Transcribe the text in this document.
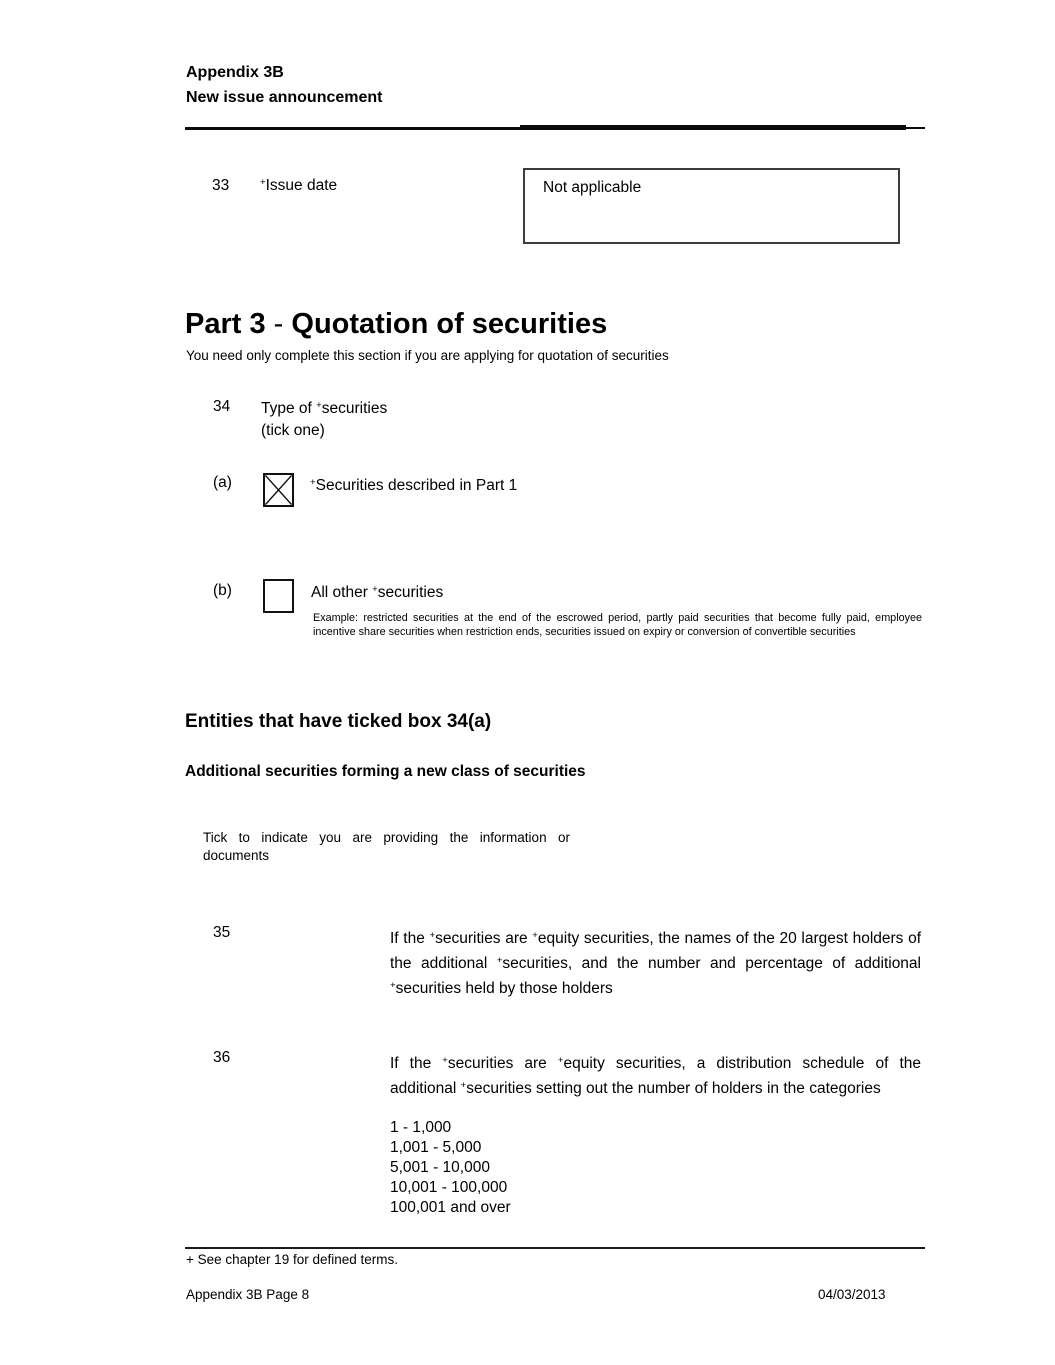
Appendix 3B
New issue announcement
33	+Issue date	Not applicable
Part 3 - Quotation of securities
You need only complete this section if you are applying for quotation of securities
34 Type of +securities
(tick one)
(a)	+Securities described in Part 1
(b)	All other +securities
Example: restricted securities at the end of the escrowed period, partly paid securities that become fully paid, employee incentive share securities when restriction ends, securities issued on expiry or conversion of convertible securities
Entities that have ticked box 34(a)
Additional securities forming a new class of securities
Tick to indicate you are providing the information or documents
35	If the +securities are +equity securities, the names of the 20 largest holders of the additional +securities, and the number and percentage of additional +securities held by those holders
36	If the +securities are +equity securities, a distribution schedule of the additional +securities setting out the number of holders in the categories
1 - 1,000
1,001 - 5,000
5,001 - 10,000
10,001 - 100,000
100,001 and over
+ See chapter 19 for defined terms.
Appendix 3B Page 8	04/03/2013
